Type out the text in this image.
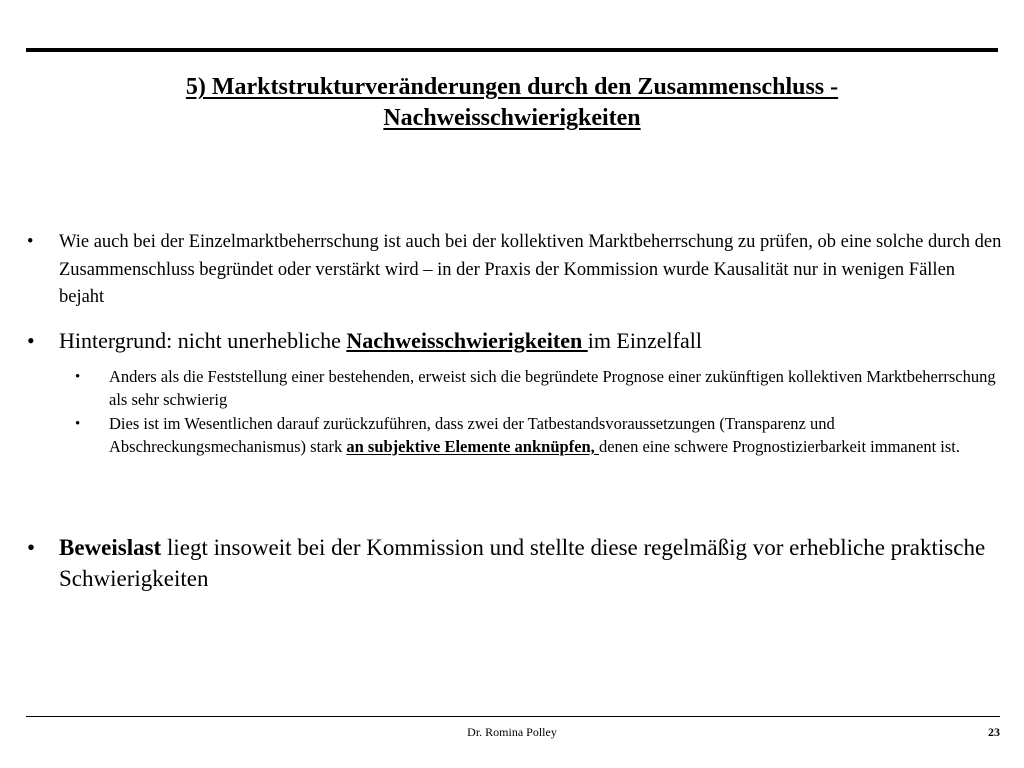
5) Marktstrukturveränderungen durch den Zusammenschluss -
Nachweisschwierigkeiten
• Wie auch bei der Einzelmarktbeherrschung ist auch bei der kollektiven Marktbeherrschung zu prüfen, ob eine solche durch den Zusammenschluss begründet oder verstärkt wird – in der Praxis der Kommission wurde Kausalität nur in wenigen Fällen bejaht
• Hintergrund: nicht unerhebliche Nachweisschwierigkeiten im Einzelfall
• Anders als die Feststellung einer bestehenden, erweist sich die begründete Prognose einer zukünftigen kollektiven Marktbeherrschung als sehr schwierig
• Dies ist im Wesentlichen darauf zurückzuführen, dass zwei der Tatbestandsvoraussetzungen (Transparenz und Abschreckungsmechanismus) stark an subjektive Elemente anknüpfen, denen eine schwere Prognostizierbarkeit immanent ist.
• Beweislast liegt insoweit bei der Kommission und stellte diese regelmäßig vor erhebliche praktische Schwierigkeiten
Dr. Romina Polley	23
